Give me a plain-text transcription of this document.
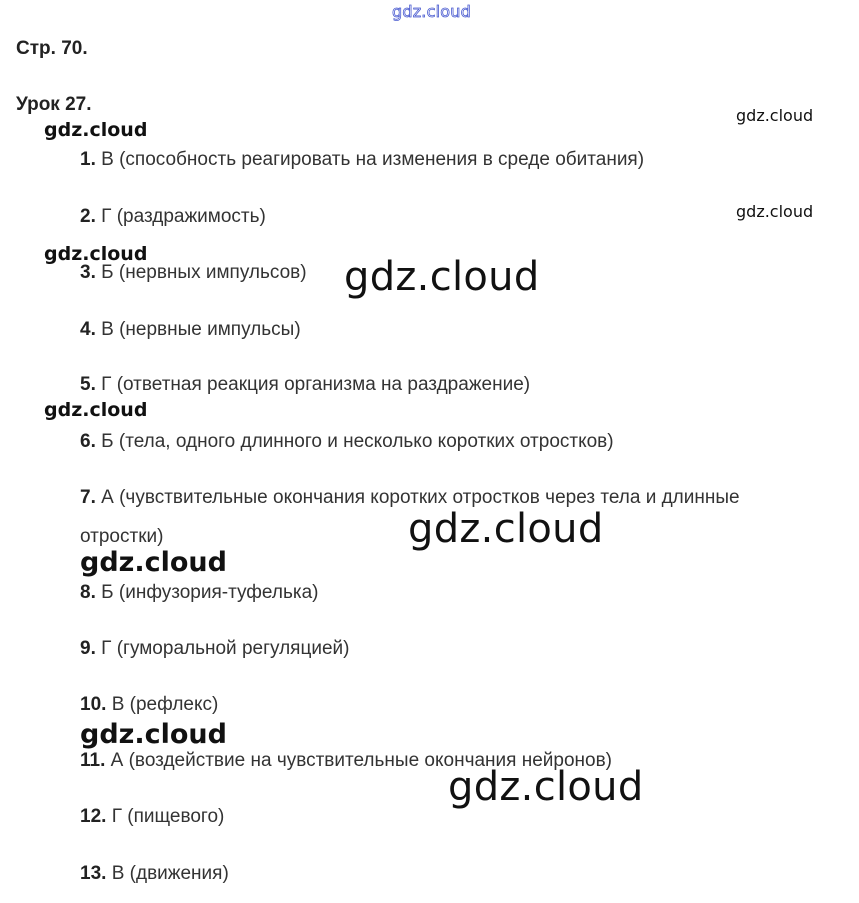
gdz.cloud
Стр. 70.
Урок 27.
gdz.cloud
gdz.cloud
gdz.cloud
gdz.cloud
gdz.cloud
gdz.cloud
gdz.cloud
1. В (способность реагировать на изменения в среде обитания)
2. Г (раздражимость)
3. Б (нервных импульсов)
4. В (нервные импульсы)
5. Г (ответная реакция организма на раздражение)
6. Б (тела, одного длинного и несколько коротких отростков)
7. А (чувствительные окончания коротких отростков через тела и длинные
отростки)
8. Б (инфузория-туфелька)
9. Г (гуморальной регуляцией)
10. В (рефлекс)
11. А (воздействие на чувствительные окончания нейронов)
12. Г (пищевого)
13. В (движения)
gdz.cloud
gdz.cloud
gdz.cloud
